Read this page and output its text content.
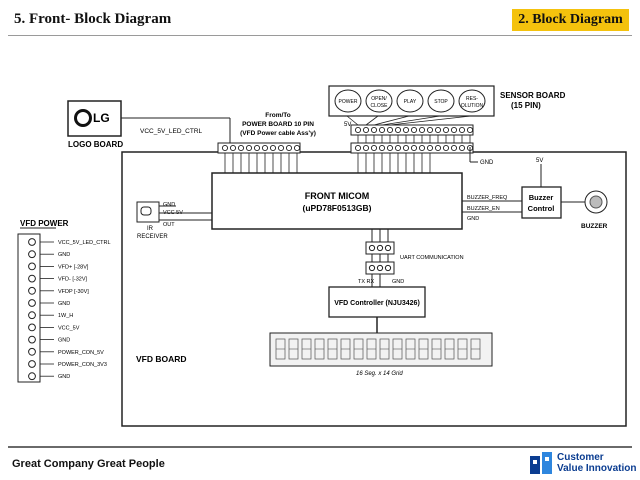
5. Front- Block Diagram	2. Block Diagram
VFD BOARD
LG
LOGO BOARD
VCC_5V_LED_CTRL
From/To
POWER BOARD 10 PIN
(VFD Power cable Ass'y)
POWER	OPEN/
CLOSE
PLAY	STOP	RES-
OLUTION
SENSOR BOARD
(15 PIN)
5V
GND
FRONT MICOM
(uPD78F0513GB)
IR
RECEIVER
GND
VCC 5V
OUT
Buzzer
Control
BUZZER_FREQ
BUZZER_EN
GND
5V
BUZZER
UART COMMUNICATION
TX RX	GND
VFD Controller (NJU3426)
16 Seg. x 14 Grid
VFD POWER
VCC_5V_LED_CTRL
GND
VFD+ [-28V]
VFD- [-32V]
VFDP [-30V]
GND
1W_H
VCC_5V
GND
POWER_CON_5V
POWER_CON_3V3
GND
Great Company Great People
Customer
Value Innovation
